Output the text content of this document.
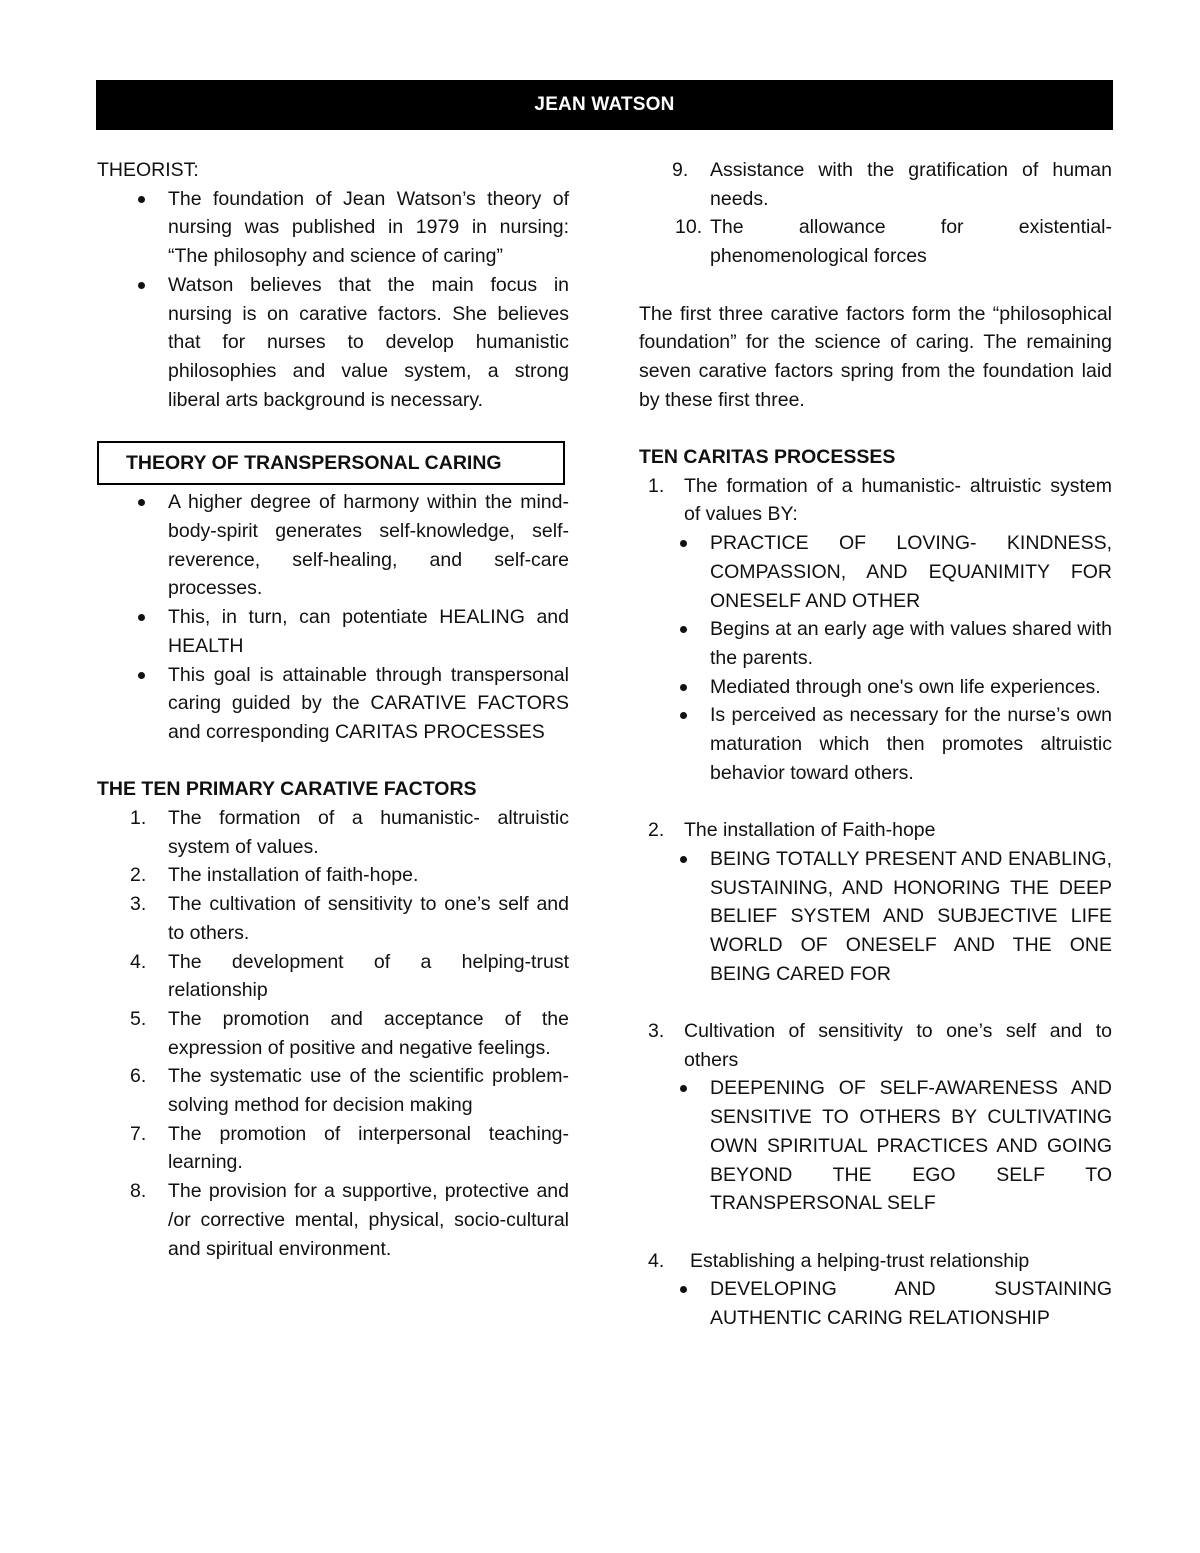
JEAN WATSON
THEORIST:
The foundation of Jean Watson’s theory of nursing was published in 1979 in nursing: “The philosophy and science of caring”
Watson believes that the main focus in nursing is on carative factors. She believes that for nurses to develop humanistic philosophies and value system, a strong liberal arts background is necessary.
THEORY OF TRANSPERSONAL CARING
A higher degree of harmony within the mind-body-spirit generates self-knowledge, self-reverence, self-healing, and self-care processes.
This, in turn, can potentiate HEALING and HEALTH
This goal is attainable through transpersonal caring guided by the CARATIVE FACTORS and corresponding CARITAS PROCESSES
THE TEN PRIMARY CARATIVE FACTORS
1. The formation of a humanistic- altruistic system of values.
2. The installation of faith-hope.
3. The cultivation of sensitivity to one’s self and to others.
4. The development of a helping-trust relationship
5. The promotion and acceptance of the expression of positive and negative feelings.
6. The systematic use of the scientific problem-solving method for decision making
7. The promotion of interpersonal teaching-learning.
8. The provision for a supportive, protective and /or corrective mental, physical, socio-cultural and spiritual environment.
9. Assistance with the gratification of human needs.
10. The allowance for existential-phenomenological forces

The first three carative factors form the “philosophical foundation” for the science of caring. The remaining seven carative factors spring from the foundation laid by these first three.

TEN CARITAS PROCESSES
1. The formation of a humanistic- altruistic system of values BY:
PRACTICE OF LOVING- KINDNESS, COMPASSION, AND EQUANIMITY FOR ONESELF AND OTHER
Begins at an early age with values shared with the parents.
Mediated through one's own life experiences.
Is perceived as necessary for the nurse’s own maturation which then promotes altruistic behavior toward others.
2. The installation of Faith-hope
BEING TOTALLY PRESENT AND ENABLING, SUSTAINING, AND HONORING THE DEEP BELIEF SYSTEM AND SUBJECTIVE LIFE WORLD OF ONESELF AND THE ONE BEING CARED FOR
3. Cultivation of sensitivity to one’s self and to others
DEEPENING OF SELF-AWARENESS AND SENSITIVE TO OTHERS BY CULTIVATING OWN SPIRITUAL PRACTICES AND GOING BEYOND THE EGO SELF TO TRANSPERSONAL SELF
4. Establishing a helping-trust relationship
DEVELOPING AND SUSTAINING AUTHENTIC CARING RELATIONSHIP
